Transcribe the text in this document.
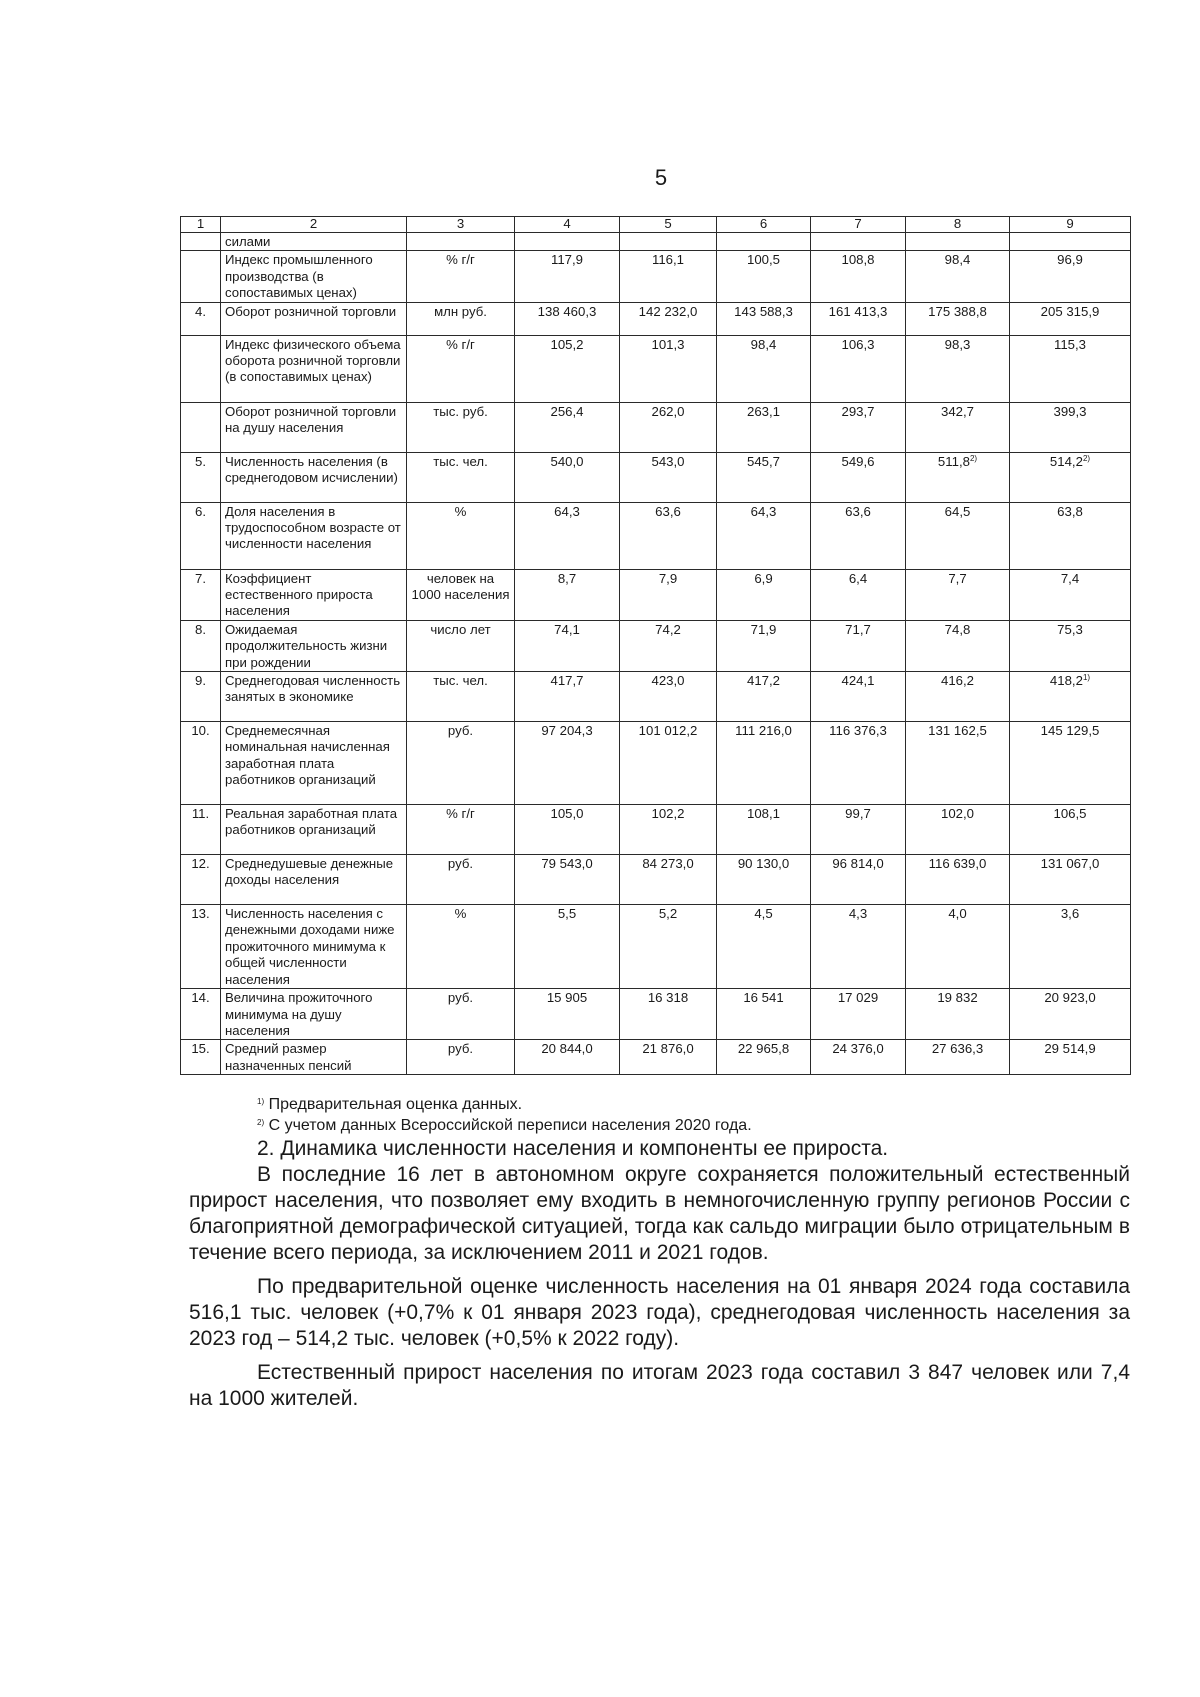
5
1	2	3	4	5	6	7	8	9
	силами							
	Индекс промышленного производства (в сопоставимых ценах)	% г/г	117,9	116,1	100,5	108,8	98,4	96,9
4.	Оборот розничной торговли	млн руб.	138 460,3	142 232,0	143 588,3	161 413,3	175 388,8	205 315,9
	Индекс физического объема оборота розничной торговли (в сопоставимых ценах)	% г/г	105,2	101,3	98,4	106,3	98,3	115,3
	Оборот розничной торговли на душу населения	тыс. руб.	256,4	262,0	263,1	293,7	342,7	399,3
5.	Численность населения (в среднегодовом исчислении)	тыс. чел.	540,0	543,0	545,7	549,6	511,8$^{2)}$	514,2$^{2)}$
6.	Доля населения в трудоспособном возрасте от численности населения	%	64,3	63,6	64,3	63,6	64,5	63,8
7.	Коэффициент естественного прироста населения	человек на 1000 населения	8,7	7,9	6,9	6,4	7,7	7,4
8.	Ожидаемая продолжительность жизни при рождении	число лет	74,1	74,2	71,9	71,7	74,8	75,3
9.	Среднегодовая численность занятых в экономике	тыс. чел.	417,7	423,0	417,2	424,1	416,2	418,2$^{1)}$
10.	Среднемесячная номинальная начисленная заработная плата работников организаций	руб.	97 204,3	101 012,2	111 216,0	116 376,3	131 162,5	145 129,5
11.	Реальная заработная плата работников организаций	% г/г	105,0	102,2	108,1	99,7	102,0	106,5
12.	Среднедушевые денежные доходы населения	руб.	79 543,0	84 273,0	90 130,0	96 814,0	116 639,0	131 067,0
13.	Численность населения с денежными доходами ниже прожиточного минимума к общей численности населения	%	5,5	5,2	4,5	4,3	4,0	3,6
14.	Величина прожиточного минимума на душу населения	руб.	15 905	16 318	16 541	17 029	19 832	20 923,0
15.	Средний размер назначенных пенсий	руб.	20 844,0	21 876,0	22 965,8	24 376,0	27 636,3	29 514,9
$^{1)}$ Предварительная оценка данных.
$^{2)}$ С учетом данных Всероссийской переписи населения 2020 года.

2. Динамика численности населения и компоненты ее прироста.

В последние 16 лет в автономном округе сохраняется положительный естественный прирост населения, что позволяет ему входить в немногочисленную группу регионов России с благоприятной демографической ситуацией, тогда как сальдо миграции было отрицательным в течение всего периода, за исключением 2011 и 2021 годов.

По предварительной оценке численность населения на 01 января 2024 года составила 516,1 тыс. человек (+0,7% к 01 января 2023 года), среднегодовая численность населения за 2023 год – 514,2 тыс. человек (+0,5% к 2022 году).

Естественный прирост населения по итогам 2023 года составил 3 847 человек или 7,4 на 1000 жителей.
